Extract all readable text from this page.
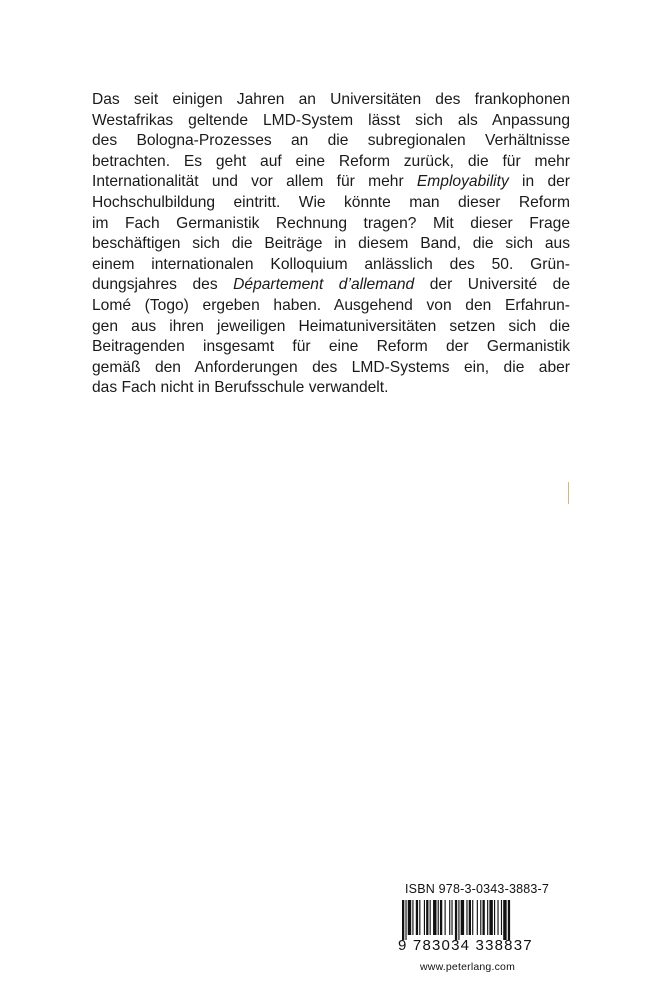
Das seit einigen Jahren an Universitäten des frankophonen
Westafrikas geltende LMD-System lässt sich als Anpassung
des Bologna-Prozesses an die subregionalen Verhältnisse
betrachten. Es geht auf eine Reform zurück, die für mehr
Internationalität und vor allem für mehr Employability in der
Hochschulbildung eintritt. Wie könnte man dieser Reform
im Fach Germanistik Rechnung tragen? Mit dieser Frage
beschäftigen sich die Beiträge in diesem Band, die sich aus
einem internationalen Kolloquium anlässlich des 50. Grün-
dungsjahres des Département d’allemand der Université de
Lomé (Togo) ergeben haben. Ausgehend von den Erfahrun-
gen aus ihren jeweiligen Heimatuniversitäten setzen sich die
Beitragenden insgesamt für eine Reform der Germanistik
gemäß den Anforderungen des LMD-Systems ein, die aber
das Fach nicht in Berufsschule verwandelt.
ISBN 978-3-0343-3883-7
9 783034 338837
www.peterlang.com
